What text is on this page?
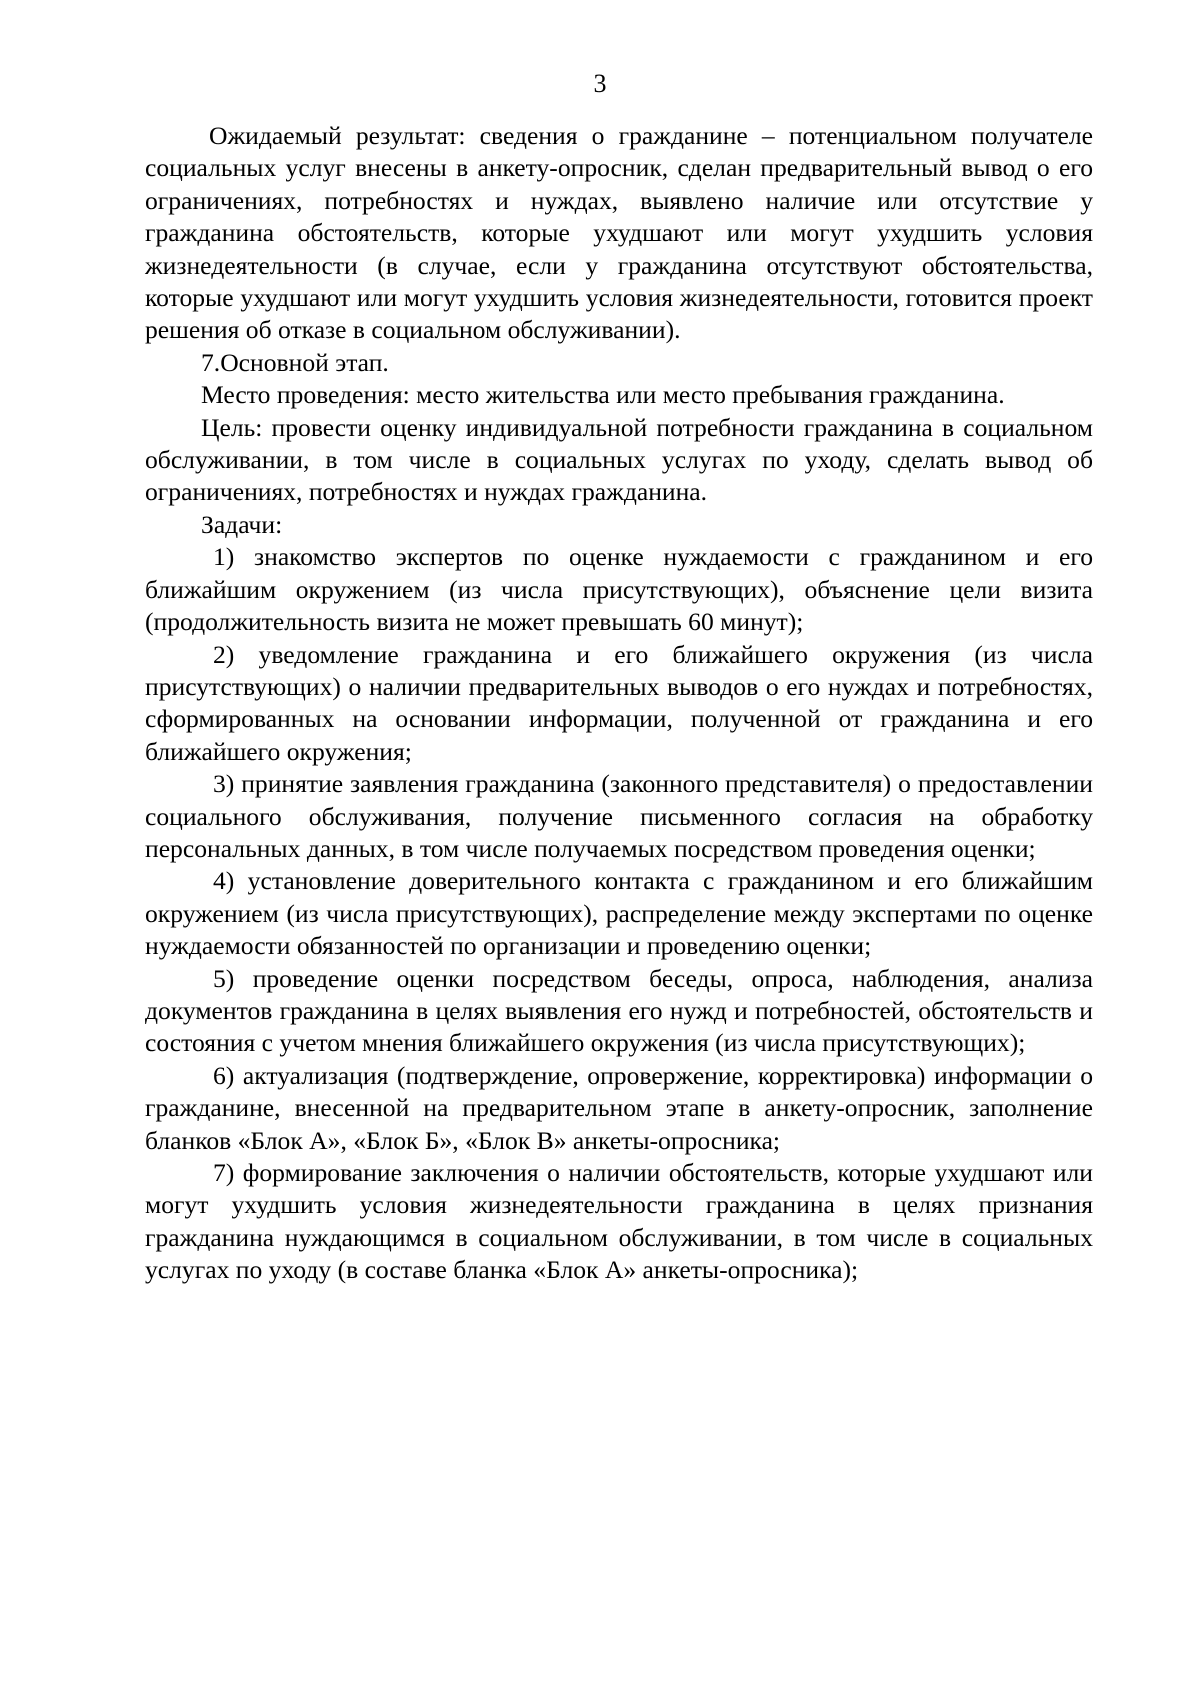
3

Ожидаемый результат: сведения о гражданине – потенциальном получателе социальных услуг внесены в анкету-опросник, сделан предварительный вывод о его ограничениях, потребностях и нуждах, выявлено наличие или отсутствие у гражданина обстоятельств, которые ухудшают или могут ухудшить условия жизнедеятельности (в случае, если у гражданина отсутствуют обстоятельства, которые ухудшают или могут ухудшить условия жизнедеятельности, готовится проект решения об отказе в социальном обслуживании).

7.Основной этап.

Место проведения: место жительства или место пребывания гражданина.

Цель: провести оценку индивидуальной потребности гражданина в социальном обслуживании, в том числе в социальных услугах по уходу, сделать вывод об ограничениях, потребностях и нуждах гражданина.

Задачи:

1) знакомство экспертов по оценке нуждаемости с гражданином и его ближайшим окружением (из числа присутствующих), объяснение цели визита (продолжительность визита не может превышать 60 минут);

2) уведомление гражданина и его ближайшего окружения (из числа присутствующих) о наличии предварительных выводов о его нуждах и потребностях, сформированных на основании информации, полученной от гражданина и его ближайшего окружения;

3) принятие заявления гражданина (законного представителя) о предоставлении социального обслуживания, получение письменного согласия на обработку персональных данных, в том числе получаемых посредством проведения оценки;

4) установление доверительного контакта с гражданином и его ближайшим окружением (из числа присутствующих), распределение между экспертами по оценке нуждаемости обязанностей по организации и проведению оценки;

5) проведение оценки посредством беседы, опроса, наблюдения, анализа документов гражданина в целях выявления его нужд и потребностей, обстоятельств и состояния с учетом мнения ближайшего окружения (из числа присутствующих);

6) актуализация (подтверждение, опровержение, корректировка) информации о гражданине, внесенной на предварительном этапе в анкету-опросник, заполнение бланков «Блок А», «Блок Б», «Блок В» анкеты-опросника;

7) формирование заключения о наличии обстоятельств, которые ухудшают или могут ухудшить условия жизнедеятельности гражданина в целях признания гражданина нуждающимся в социальном обслуживании, в том числе в социальных услугах по уходу (в составе бланка «Блок А» анкеты-опросника);
